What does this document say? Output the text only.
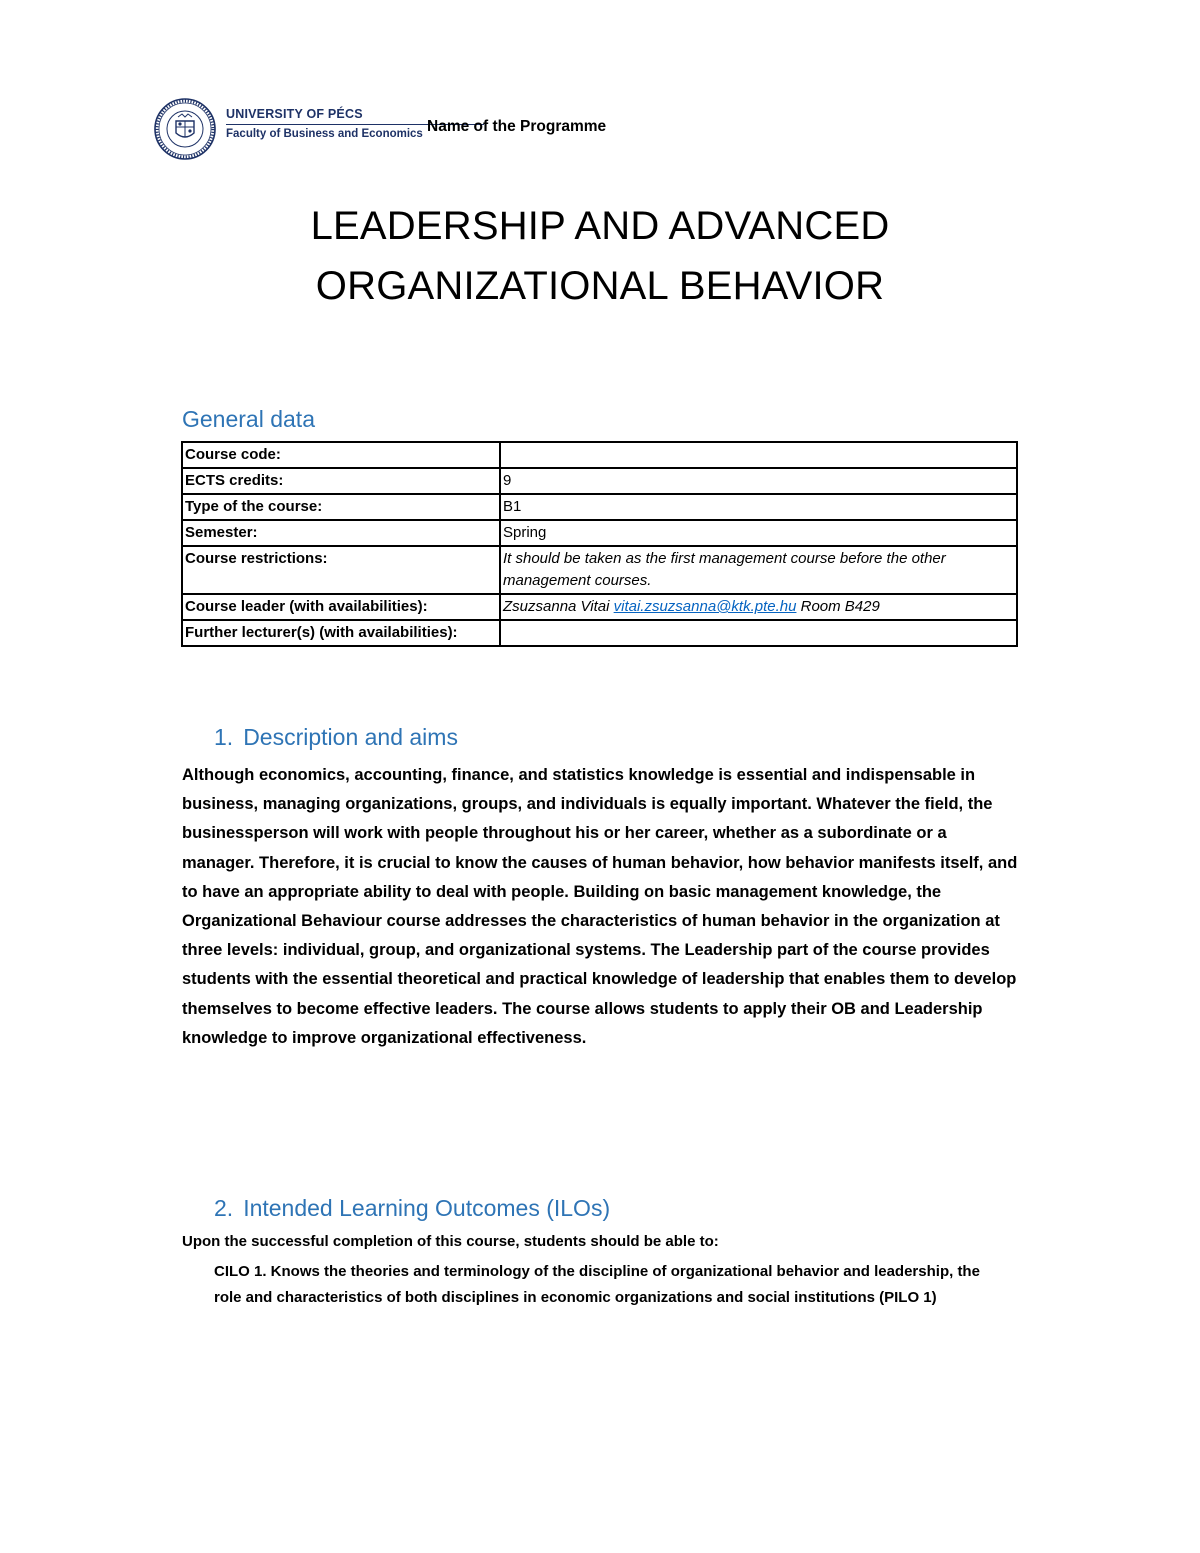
UNIVERSITY OF PÉCS
Faculty of Business and Economics Name of the Programme
LEADERSHIP AND ADVANCED
ORGANIZATIONAL BEHAVIOR
General data
Course code:	
ECTS credits:	9
Type of the course:	B1
Semester:	Spring
Course restrictions:	It should be taken as the first management course before the other management courses.
Course leader (with availabilities):	Zsuzsanna Vitai vitai.zsuzsanna@ktk.pte.hu Room B429
Further lecturer(s) (with availabilities):	
1. Description and aims
Although economics, accounting, finance, and statistics knowledge is essential and indispensable in business, managing organizations, groups, and individuals is equally important. Whatever the field, the businessperson will work with people throughout his or her career, whether as a subordinate or a manager. Therefore, it is crucial to know the causes of human behavior, how behavior manifests itself, and to have an appropriate ability to deal with people. Building on basic management knowledge, the Organizational Behaviour course addresses the characteristics of human behavior in the organization at three levels: individual, group, and organizational systems. The Leadership part of the course provides students with the essential theoretical and practical knowledge of leadership that enables them to develop themselves to become effective leaders. The course allows students to apply their OB and Leadership knowledge to improve organizational effectiveness.
2. Intended Learning Outcomes (ILOs)
Upon the successful completion of this course, students should be able to:
CILO 1. Knows the theories and terminology of the discipline of organizational behavior and leadership, the role and characteristics of both disciplines in economic organizations and social institutions (PILO 1)
